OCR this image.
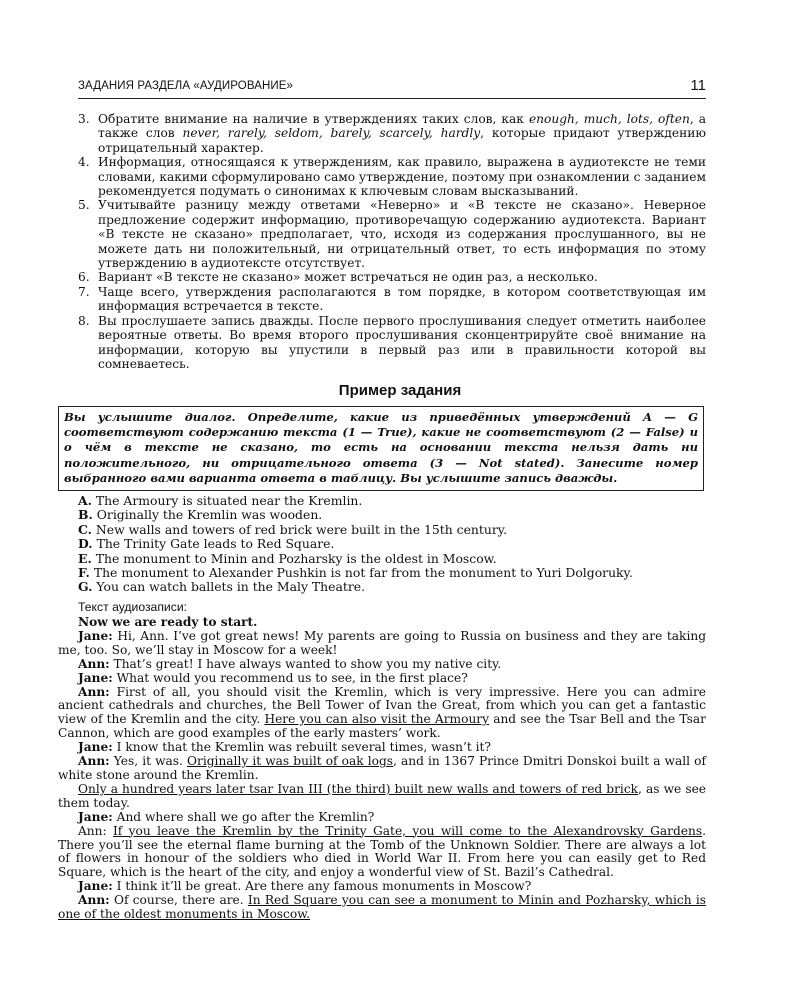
ЗАДАНИЯ РАЗДЕЛА «АУДИРОВАНИЕ»	11
3. Обратите внимание на наличие в утверждениях таких слов, как enough, much, lots, often, а также слов never, rarely, seldom, barely, scarcely, hardly, которые придают утверждению отрицательный характер.
4. Информация, относящаяся к утверждениям, как правило, выражена в аудиотексте не теми словами, какими сформулировано само утверждение, поэтому при ознакомлении с заданием рекомендуется подумать о синонимах к ключевым словам высказываний.
5. Учитывайте разницу между ответами «Неверно» и «В тексте не сказано». Неверное предложение содержит информацию, противоречащую содержанию аудиотекста. Вариант «В тексте не сказано» предполагает, что, исходя из содержания прослушанного, вы не можете дать ни положительный, ни отрицательный ответ, то есть информация по этому утверждению в аудиотексте отсутствует.
6. Вариант «В тексте не сказано» может встречаться не один раз, а несколько.
7. Чаще всего, утверждения располагаются в том порядке, в котором соответствующая им информация встречается в тексте.
8. Вы прослушаете запись дважды. После первого прослушивания следует отметить наиболее вероятные ответы. Во время второго прослушивания сконцентрируйте своё внимание на информации, которую вы упустили в первый раз или в правильности которой вы сомневаетесь.
Пример задания
Вы услышите диалог. Определите, какие из приведённых утверждений A — G соответствуют содержанию текста (1 — True), какие не соответствуют (2 — False) и о чём в тексте не сказано, то есть на основании текста нельзя дать ни положительного, ни отрицательного ответа (3 — Not stated). Занесите номер выбранного вами варианта ответа в таблицу. Вы услышите запись дважды.
A. The Armoury is situated near the Kremlin.
B. Originally the Kremlin was wooden.
C. New walls and towers of red brick were built in the 15th century.
D. The Trinity Gate leads to Red Square.
E. The monument to Minin and Pozharsky is the oldest in Moscow.
F. The monument to Alexander Pushkin is not far from the monument to Yuri Dolgoruky.
G. You can watch ballets in the Maly Theatre.
Текст аудиозаписи:

Now we are ready to start.

Jane: Hi, Ann. I’ve got great news! My parents are going to Russia on business and they are taking me, too. So, we’ll stay in Moscow for a week!

Ann: That’s great! I have always wanted to show you my native city.

Jane: What would you recommend us to see, in the first place?

Ann: First of all, you should visit the Kremlin, which is very impressive. Here you can admire ancient cathedrals and churches, the Bell Tower of Ivan the Great, from which you can get a fantastic view of the Kremlin and the city. Here you can also visit the Armoury and see the Tsar Bell and the Tsar Cannon, which are good examples of the early masters’ work.

Jane: I know that the Kremlin was rebuilt several times, wasn’t it?

Ann: Yes, it was. Originally it was built of oak logs, and in 1367 Prince Dmitri Donskoi built a wall of white stone around the Kremlin.

Only a hundred years later tsar Ivan III (the third) built new walls and towers of red brick, as we see them today.

Jane: And where shall we go after the Kremlin?

Ann: If you leave the Kremlin by the Trinity Gate, you will come to the Alexandrovsky Gardens. There you’ll see the eternal flame burning at the Tomb of the Unknown Soldier. There are always a lot of flowers in honour of the soldiers who died in World War II. From here you can easily get to Red Square, which is the heart of the city, and enjoy a wonderful view of St. Bazil’s Cathedral.

Jane: I think it’ll be great. Are there any famous monuments in Moscow?

Ann: Of course, there are. In Red Square you can see a monument to Minin and Pozharsky, which is one of the oldest monuments in Moscow.
